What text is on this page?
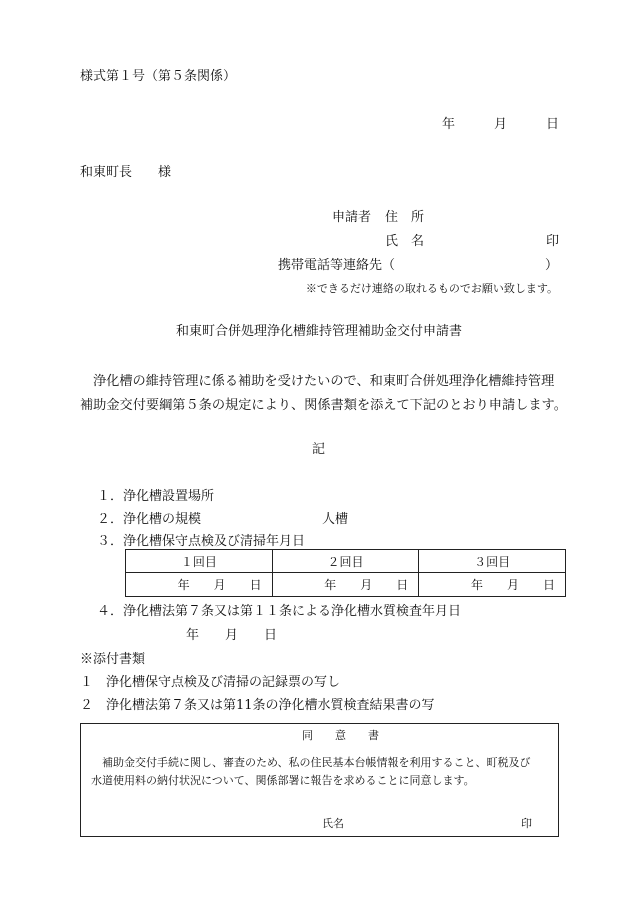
様式第１号（第５条関係）
年　　　月　　　日
和東町長　　様
申請者 住　所
氏　名	印
携帯電話等連絡先（	）
※できるだけ連絡の取れるものでお願い致します。
和東町合併処理浄化槽維持管理補助金交付申請書
浄化槽の維持管理に係る補助を受けたいので、和東町合併処理浄化槽維持管理
補助金交付要綱第５条の規定により、関係書類を添えて下記のとおり申請します。
記
１．浄化槽設置場所
２．浄化槽の規模	人槽
３．浄化槽保守点検及び清掃年月日
１回目	２回目	３回目
年　　月　　日	年　　月　　日	年　　月　　日
４．浄化槽法第７条又は第１１条による浄化槽水質検査年月日
年　　月　　日
※添付書類
１　浄化槽保守点検及び清掃の記録票の写し
２　浄化槽法第７条又は第11条の浄化槽水質検査結果書の写
同　　意　　書
補助金交付手続に関し、審査のため、私の住民基本台帳情報を利用すること、町税及び
水道使用料の納付状況について、関係部署に報告を求めることに同意します。
氏名	印
